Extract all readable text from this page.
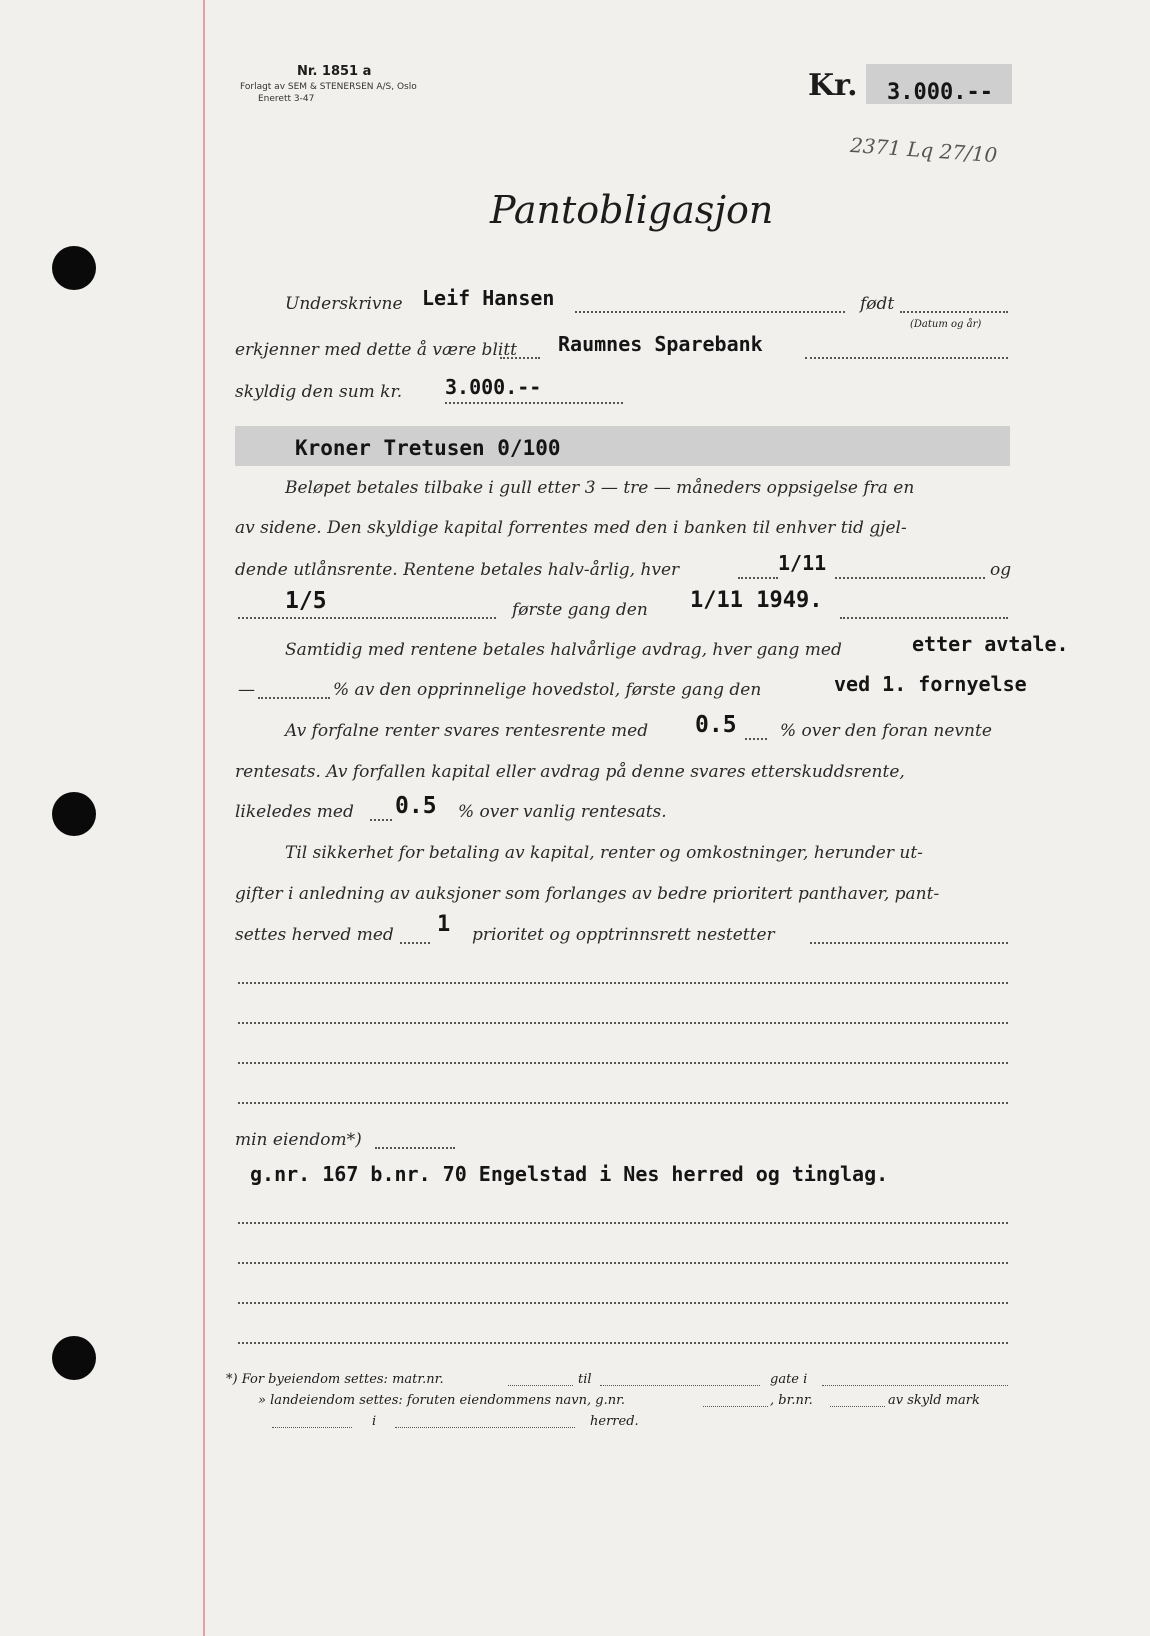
Nr. 1851 a
Forlagt av SEM & STENERSEN A/S, Oslo
Enerett 3-47	Kr. 3.000.--
2371 Lq 27/10
Pantobligasjon
Underskrivne Leif Hansen	født
(Datum og år)
erkjenner med dette å være blitt Raumnes Sparebank
skyldig den sum kr. 3.000.--
Kroner Tretusen 0/100
Beløpet betales tilbake i gull etter 3 — tre — måneders oppsigelse fra en
av sidene. Den skyldige kapital forrentes med den i banken til enhver tid gjel-
dende utlånsrente. Rentene betales halv-årlig, hver	1/11	og
1/5	første gang den 1/11 1949.
Samtidig med rentene betales halvårlige avdrag, hver gang med	etter avtale.
—	% av den opprinnelige hovedstol, første gang den	ved 1. fornyelse
Av forfalne renter svares rentesrente med 0.5	% over den foran nevnte
rentesats. Av forfallen kapital eller avdrag på denne svares etterskuddsrente,
likeledes med 0.5 % over vanlig rentesats.
Til sikkerhet for betaling av kapital, renter og omkostninger, herunder ut-
gifter i anledning av auksjoner som forlanges av bedre prioritert panthaver, pant-
settes herved med 1 prioritet og opptrinnsrett nestetter
min eiendom*)
g.nr. 167 b.nr. 70 Engelstad i Nes herred og tinglag.
*) For byeiendom settes: matr.nr.	til	gate i
» landeiendom settes: foruten eiendommens navn, g.nr.	, br.nr.	av skyld mark
i	herred.
